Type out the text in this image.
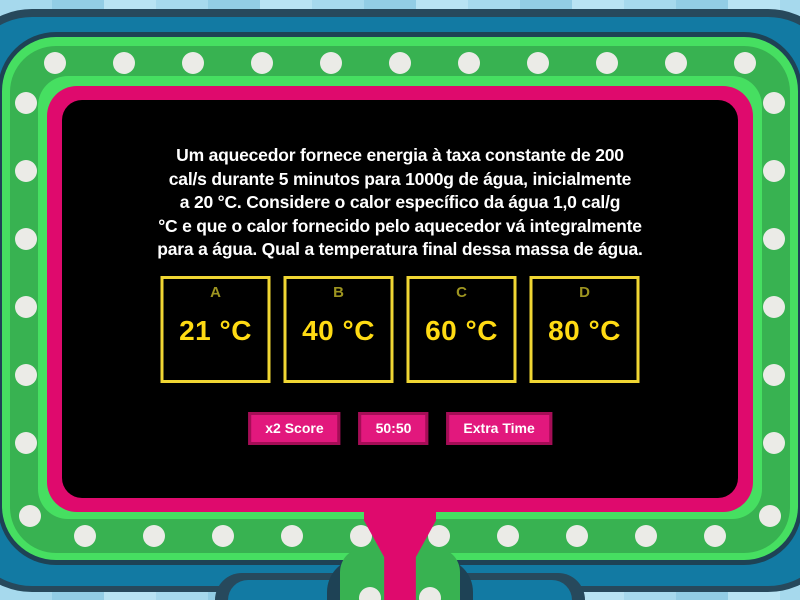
Um aquecedor fornece energia à taxa constante de 200
cal/s durante 5 minutos para 1000g de água, inicialmente
a 20 °C. Considere o calor específico da água 1,0 cal/g
°C e que o calor fornecido pelo aquecedor vá integralmente
para a água. Qual a temperatura final dessa massa de água.
A
21 °C
B
40 °C
C
60 °C
D
80 °C
x2 Score	50:50	Extra Time
